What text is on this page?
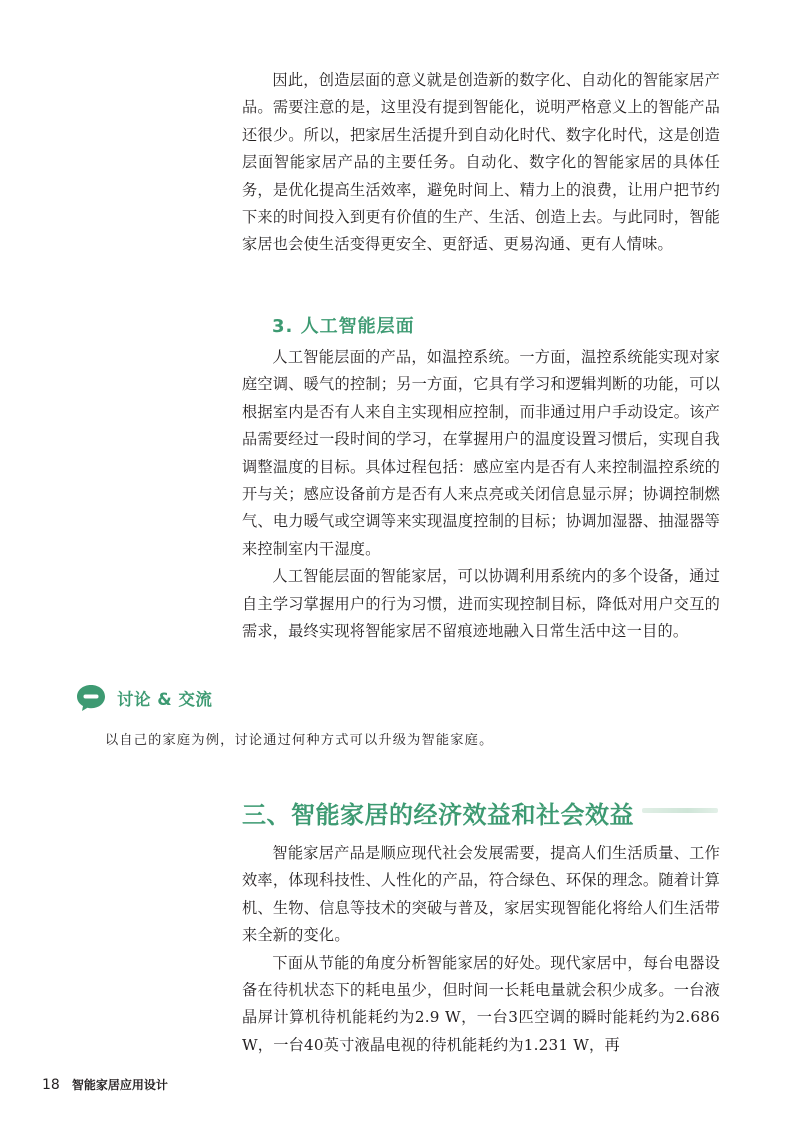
因此，创造层面的意义就是创造新的数字化、自动化的智能家居产品。需要注意的是，这里没有提到智能化，说明严格意义上的智能产品还很少。所以，把家居生活提升到自动化时代、数字化时代，这是创造层面智能家居产品的主要任务。自动化、数字化的智能家居的具体任务，是优化提高生活效率，避免时间上、精力上的浪费，让用户把节约下来的时间投入到更有价值的生产、生活、创造上去。与此同时，智能家居也会使生活变得更安全、更舒适、更易沟通、更有人情味。

3. 人工智能层面

人工智能层面的产品，如温控系统。一方面，温控系统能实现对家庭空调、暖气的控制；另一方面，它具有学习和逻辑判断的功能，可以根据室内是否有人来自主实现相应控制，而非通过用户手动设定。该产品需要经过一段时间的学习，在掌握用户的温度设置习惯后，实现自我调整温度的目标。具体过程包括：感应室内是否有人来控制温控系统的开与关；感应设备前方是否有人来点亮或关闭信息显示屏；协调控制燃气、电力暖气或空调等来实现温度控制的目标；协调加湿器、抽湿器等来控制室内干湿度。

人工智能层面的智能家居，可以协调利用系统内的多个设备，通过自主学习掌握用户的行为习惯，进而实现控制目标，降低对用户交互的需求，最终实现将智能家居不留痕迹地融入日常生活中这一目的。

讨论 & 交流

以自己的家庭为例，讨论通过何种方式可以升级为智能家庭。

三、智能家居的经济效益和社会效益

智能家居产品是顺应现代社会发展需要，提高人们生活质量、工作效率，体现科技性、人性化的产品，符合绿色、环保的理念。随着计算机、生物、信息等技术的突破与普及，家居实现智能化将给人们生活带来全新的变化。

下面从节能的角度分析智能家居的好处。现代家居中，每台电器设备在待机状态下的耗电虽少，但时间一长耗电量就会积少成多。一台液晶屏计算机待机能耗约为2.9 W，一台3匹空调的瞬时能耗约为2.686 W，一台40英寸液晶电视的待机能耗约为1.231 W，再

18 智能家居应用设计
